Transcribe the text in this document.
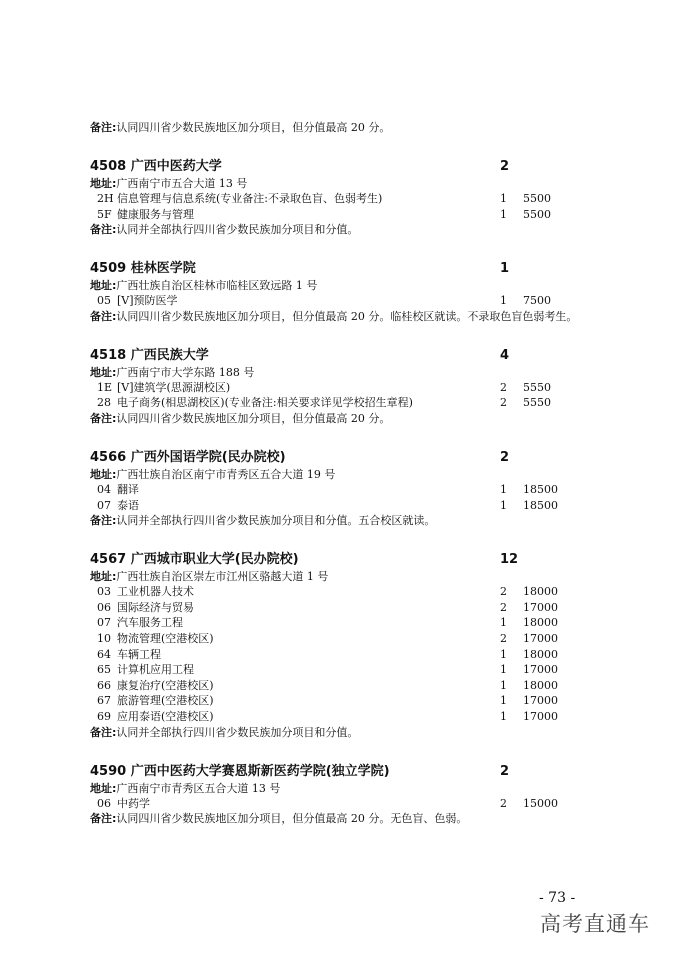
备注:认同四川省少数民族地区加分项目，但分值最高 20 分。
4508 广西中医药大学	2
地址:广西南宁市五合大道 13 号
2H 信息管理与信息系统(专业备注:不录取色盲、色弱考生)	1 5500
5F 健康服务与管理	1 5500
备注:认同并全部执行四川省少数民族加分项目和分值。
4509 桂林医学院	1
地址:广西壮族自治区桂林市临桂区致远路 1 号
05 [V]预防医学	1 7500
备注:认同四川省少数民族地区加分项目，但分值最高 20 分。临桂校区就读。不录取色盲色弱考生。
4518 广西民族大学	4
地址:广西南宁市大学东路 188 号
1E [V]建筑学(思源湖校区)	2 5550
28 电子商务(相思湖校区)(专业备注:相关要求详见学校招生章程)	2 5550
备注:认同四川省少数民族地区加分项目，但分值最高 20 分。
4566 广西外国语学院(民办院校)	2
地址:广西壮族自治区南宁市青秀区五合大道 19 号
04 翻译	1 18500
07 泰语	1 18500
备注:认同并全部执行四川省少数民族加分项目和分值。五合校区就读。
4567 广西城市职业大学(民办院校)	12
地址:广西壮族自治区崇左市江州区骆越大道 1 号
03 工业机器人技术	2 18000
06 国际经济与贸易	2 17000
07 汽车服务工程	1 18000
10 物流管理(空港校区)	2 17000
64 车辆工程	1 18000
65 计算机应用工程	1 17000
66 康复治疗(空港校区)	1 18000
67 旅游管理(空港校区)	1 17000
69 应用泰语(空港校区)	1 17000
备注:认同并全部执行四川省少数民族加分项目和分值。
4590 广西中医药大学赛恩斯新医药学院(独立学院)	2
地址:广西南宁市青秀区五合大道 13 号
06 中药学	2 15000
备注:认同四川省少数民族地区加分项目，但分值最高 20 分。无色盲、色弱。
- 73 -
高考直通车
